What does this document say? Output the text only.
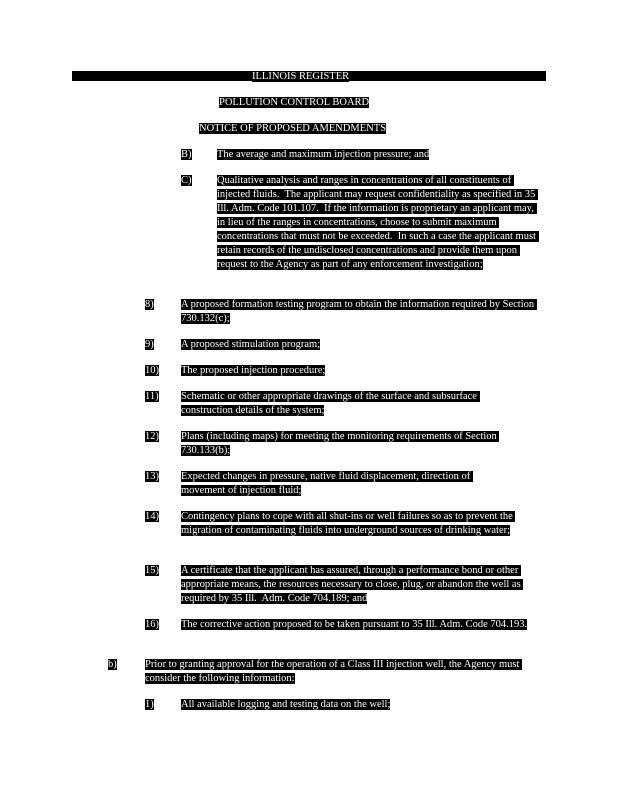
ILLINOIS REGISTER
POLLUTION CONTROL BOARD
NOTICE OF PROPOSED AMENDMENTS
B) The average and maximum injection pressure; and
C) Qualitative analysis and ranges in concentrations of all constituents of injected fluids.  The applicant may request confidentiality as specified in 35 Ill. Adm. Code 101.107.  If the information is proprietary an applicant may, in lieu of the ranges in concentrations, choose to submit maximum concentrations that must not be exceeded.  In such a case the applicant must retain records of the undisclosed concentrations and provide them upon request to the Agency as part of any enforcement investigation;
8)	A proposed formation testing program to obtain the information required by Section 730.132(c);
9)	A proposed stimulation program;
10) The proposed injection procedure;
11) Schematic or other appropriate drawings of the surface and subsurface construction details of the system;
12) Plans (including maps) for meeting the monitoring requirements of Section 730.133(b);
13) Expected changes in pressure, native fluid displacement, direction of movement of injection fluid;
14) Contingency plans to cope with all shut-ins or well failures so as to prevent the migration of contaminating fluids into underground sources of drinking water;
15) A certificate that the applicant has assured, through a performance bond or other appropriate means, the resources necessary to close, plug, or abandon the well as required by 35 Ill.  Adm. Code 704.189; and
16) The corrective action proposed to be taken pursuant to 35 Ill. Adm. Code 704.193.
b)	Prior to granting approval for the operation of a Class III injection well, the Agency must consider the following information:
1)	All available logging and testing data on the well;
